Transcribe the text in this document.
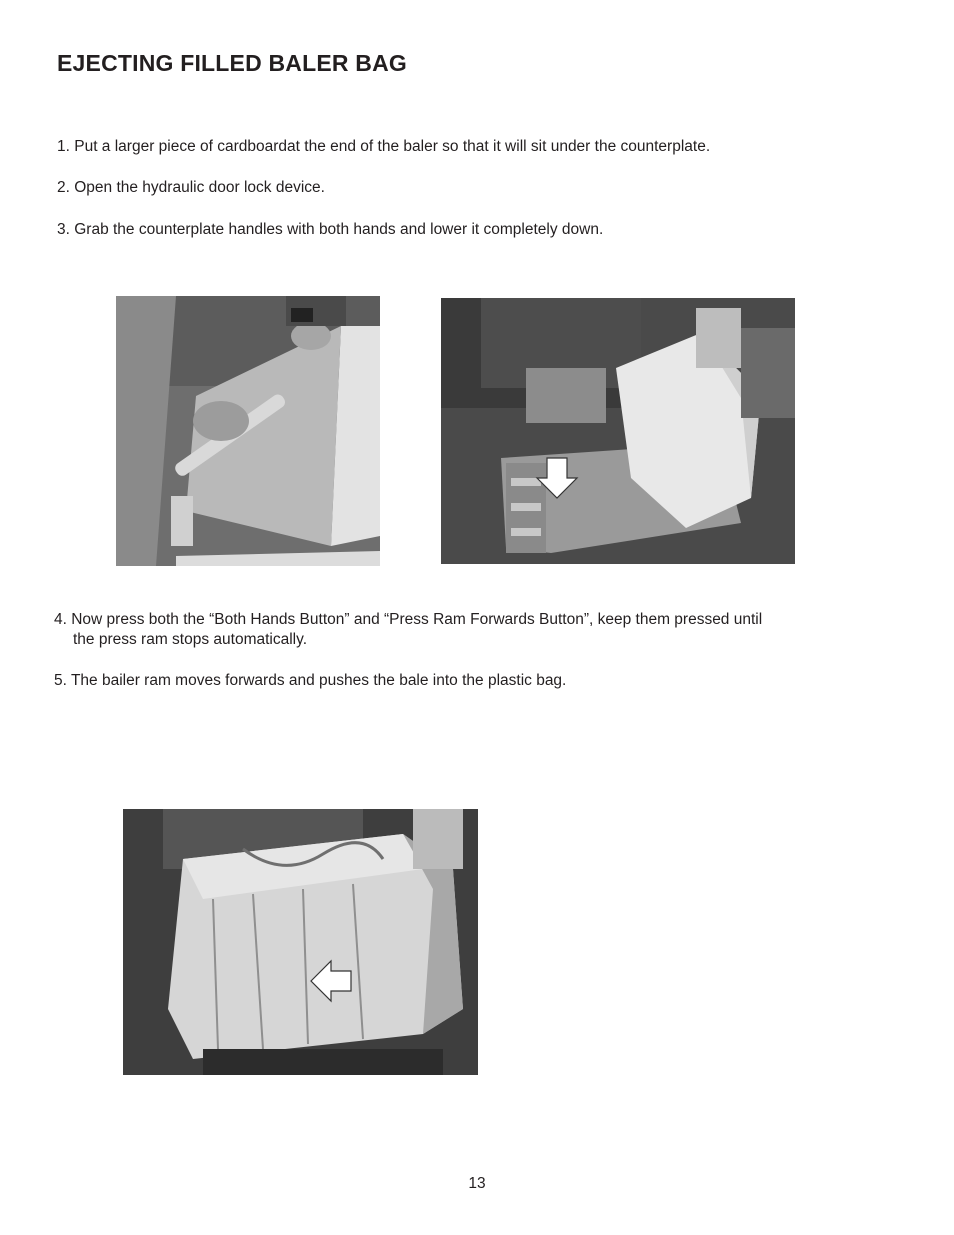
EJECTING FILLED BALER BAG

1. Put a larger piece of cardboardat the end of the baler so that it will sit under the counterplate.

2. Open the hydraulic door lock device.

3. Grab the counterplate handles with both hands and lower it completely down.

4. Now press both the “Both Hands Button” and “Press Ram Forwards Button”, keep them pressed until

the press ram stops automatically.

5. The bailer ram moves forwards and pushes the bale into the plastic bag.

13
